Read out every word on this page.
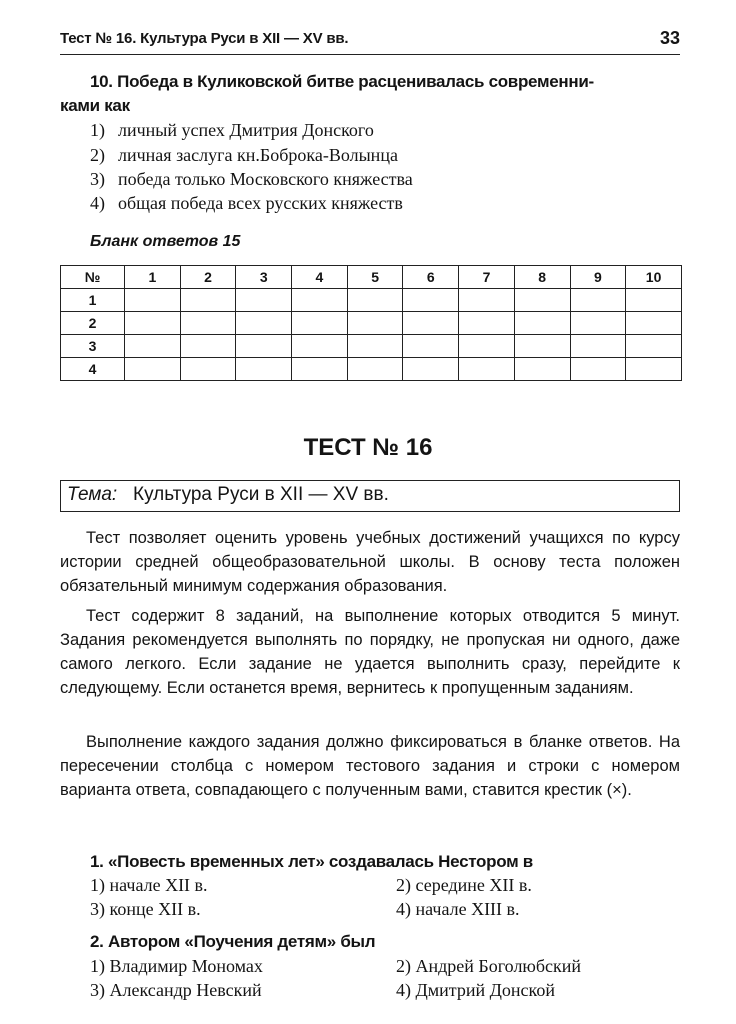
Тест № 16. Культура Руси в XII — XV вв.	33
10. Победа в Куликовской битве расценивалась современни-
ками как
1) личный успех Дмитрия Донского
2) личная заслуга кн.Боброка-Волынца
3) победа только Московского княжества
4) общая победа всех русских княжеств
Бланк ответов 15
№	1	2	3	4	5	6	7	8	9	10
1										
2										
3										
4										
ТЕСТ № 16
Тема: Культура Руси в XII — XV вв.
Тест позволяет оценить уровень учебных достижений учащихся по курсу истории средней общеобразовательной школы. В основу теста положен обязательный минимум содержания образования.
Тест содержит 8 заданий, на выполнение которых отводится 5 минут. Задания рекомендуется выполнять по порядку, не пропуская ни одного, даже самого легкого. Если задание не удается выполнить сразу, перейдите к следующему. Если останется время, вернитесь к пропущенным заданиям.
Выполнение каждого задания должно фиксироваться в бланке ответов. На пересечении столбца с номером тестового задания и строки с номером варианта ответа, совпадающего с полученным вами, ставится крестик (×).
1. «Повесть временных лет» создавалась Нестором в
1) начале XII в.	2) середине XII в.
3) конце XII в.	4) начале XIII в.
2. Автором «Поучения детям» был
1) Владимир Мономах	2) Андрей Боголюбский
3) Александр Невский	4) Дмитрий Донской
